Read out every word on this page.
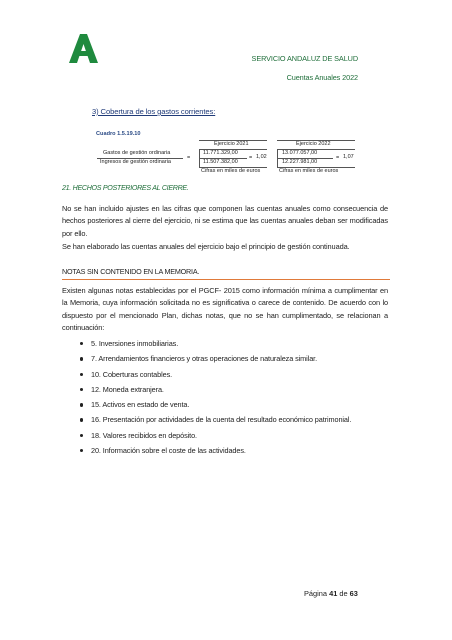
SERVICIO ANDALUZ DE SALUD
Cuentas Anuales 2022
3) Cobertura de los gastos corrientes:
Cuadro 1.5.19.10
Ejercicio 2021	Ejercicio 2022
Gastos de gestión ordinaria
Ingresos de gestión ordinaria
=
11.771.329,00
11.507.382,00
= 1,02
Cifras en miles de euros
13.077.057,00
12.227.981,00
= 1,07
Cifras en miles de euros
21. HECHOS POSTERIORES AL CIERRE.
No se han incluido ajustes en las cifras que componen las cuentas anuales como consecuencia de hechos posteriores al cierre del ejercicio, ni se estima que las cuentas anuales deban ser modificadas por ello.
Se han elaborado las cuentas anuales del ejercicio bajo el principio de gestión continuada.
NOTAS SIN CONTENIDO EN LA MEMORIA.
Existen algunas notas establecidas por el PGCF- 2015 como información mínima a cumplimentar en la Memoria, cuya información solicitada no es significativa o carece de contenido. De acuerdo con lo dispuesto por el mencionado Plan, dichas notas, que no se han cumplimentado, se relacionan a continuación:
5. Inversiones inmobiliarias.
7. Arrendamientos financieros y otras operaciones de naturaleza similar.
10. Coberturas contables.
12. Moneda extranjera.
15. Activos en estado de venta.
16. Presentación por actividades de la cuenta del resultado económico patrimonial.
18. Valores recibidos en depósito.
20. Información sobre el coste de las actividades.
Página 41 de 63
